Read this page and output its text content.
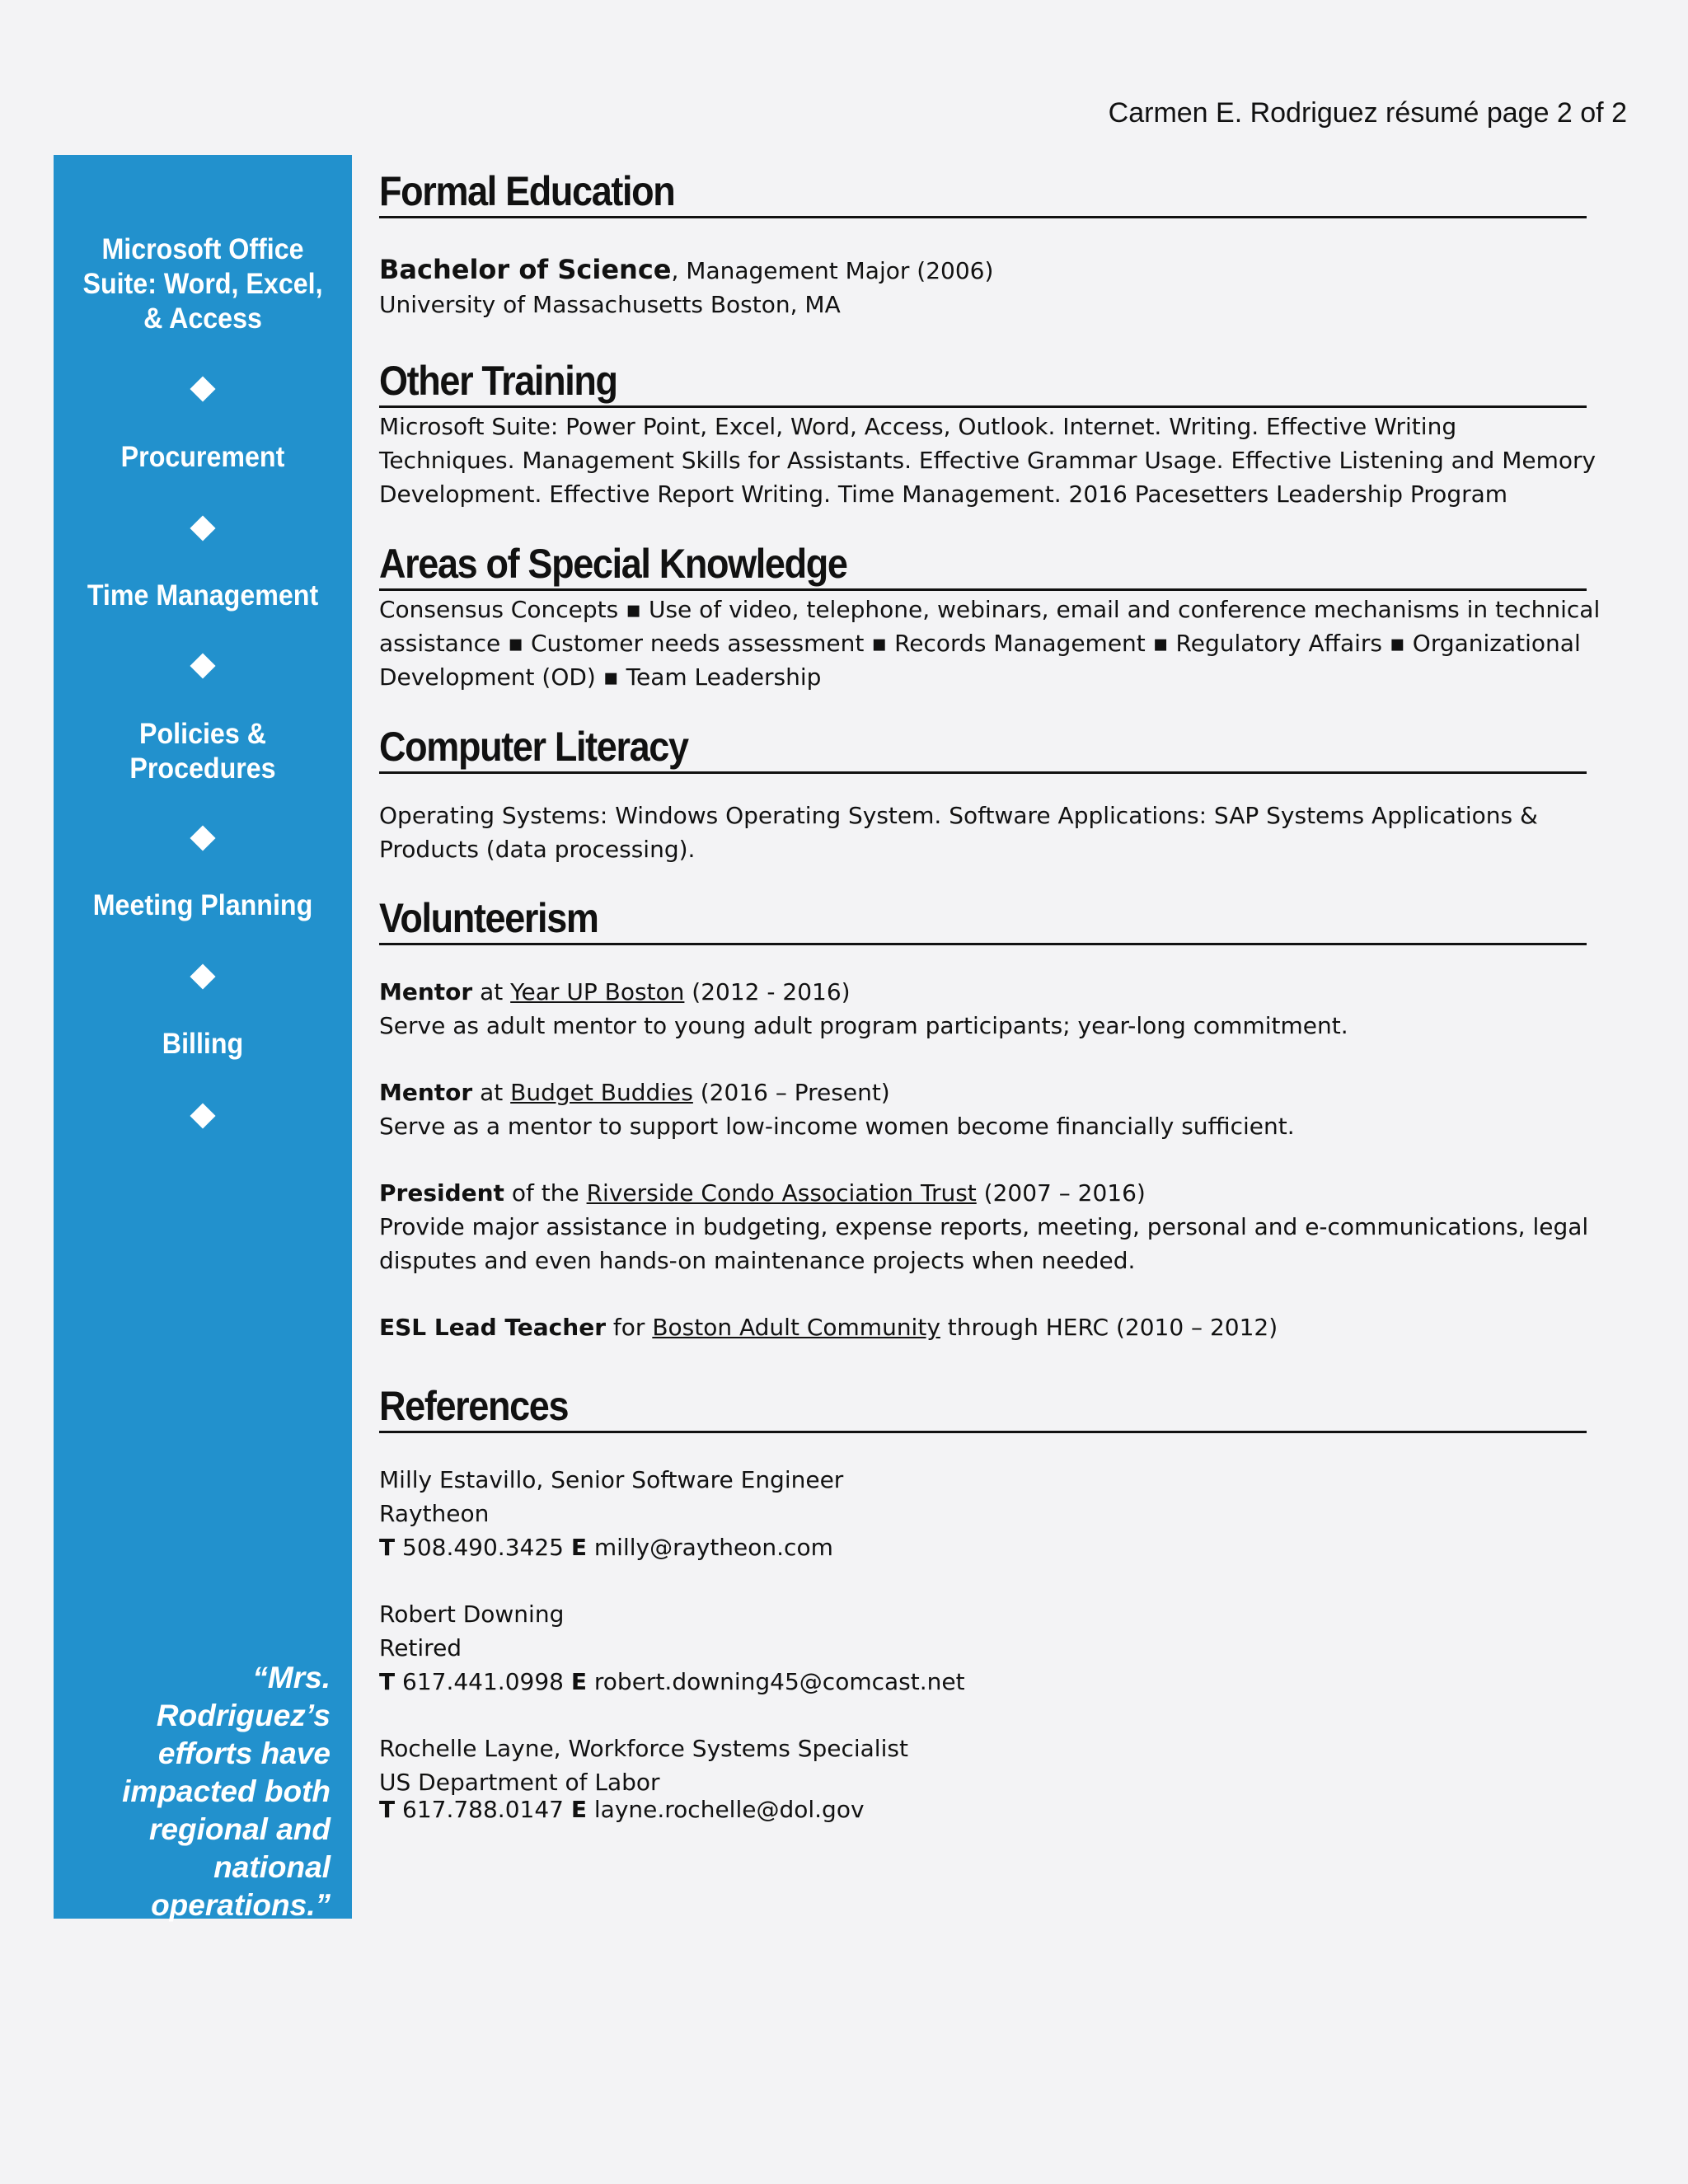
Carmen E. Rodriguez résumé page 2 of 2
Microsoft Office Suite: Word, Excel, & Access
Procurement
Time Management
Policies & Procedures
Meeting Planning
Billing
“Mrs. Rodriguez’s efforts have impacted both regional and national operations.”
Formal Education
Bachelor of Science, Management Major (2006)
University of Massachusetts Boston, MA
Other Training
Microsoft Suite: Power Point, Excel, Word, Access, Outlook. Internet. Writing. Effective Writing
Techniques. Management Skills for Assistants. Effective Grammar Usage. Effective Listening and Memory
Development. Effective Report Writing. Time Management. 2016 Pacesetters Leadership Program
Areas of Special Knowledge
Consensus Concepts ▪ Use of video, telephone, webinars, email and conference mechanisms in technical
assistance ▪ Customer needs assessment ▪ Records Management ▪ Regulatory Affairs ▪ Organizational
Development (OD) ▪ Team Leadership
Computer Literacy
Operating Systems: Windows Operating System. Software Applications: SAP Systems Applications &
Products (data processing).
Volunteerism
Mentor at Year UP Boston (2012 - 2016)
Serve as adult mentor to young adult program participants; year-long commitment.
Mentor at Budget Buddies (2016 – Present)
Serve as a mentor to support low-income women become financially sufficient.
President of the Riverside Condo Association Trust (2007 – 2016)
Provide major assistance in budgeting, expense reports, meeting, personal and e-communications, legal
disputes and even hands-on maintenance projects when needed.
ESL Lead Teacher for Boston Adult Community through HERC (2010 – 2012)
References
Milly Estavillo, Senior Software Engineer
Raytheon
T 508.490.3425 E milly@raytheon.com
Robert Downing
Retired
T 617.441.0998 E robert.downing45@comcast.net
Rochelle Layne, Workforce Systems Specialist
US Department of Labor
T 617.788.0147 E layne.rochelle@dol.gov
